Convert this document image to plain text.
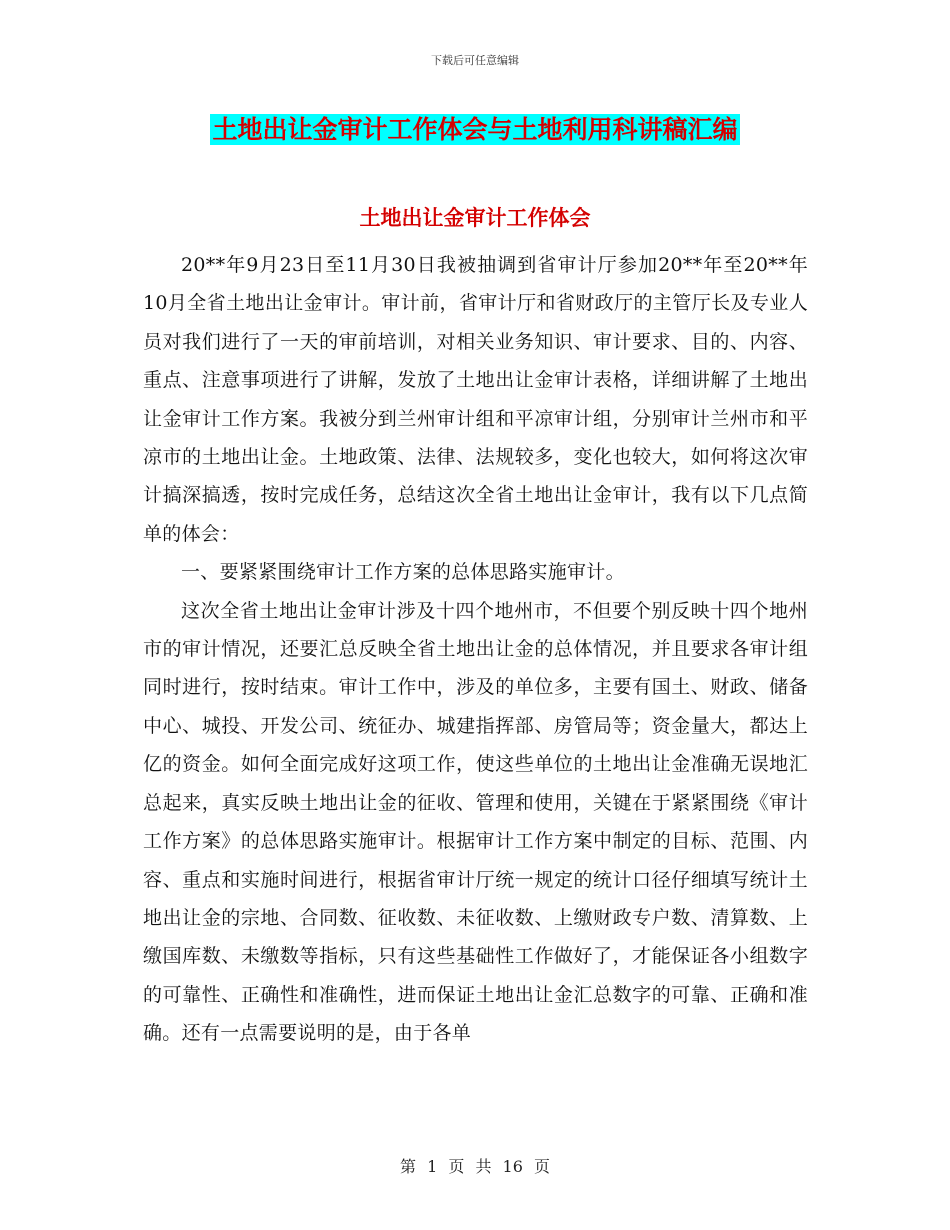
下载后可任意编辑
土地出让金审计工作体会与土地利用科讲稿汇编
土地出让金审计工作体会

20**年9月23日至11月30日我被抽调到省审计厅参加20**年至20**年10月全省土地出让金审计。审计前，省审计厅和省财政厅的主管厅长及专业人员对我们进行了一天的审前培训，对相关业务知识、审计要求、目的、内容、重点、注意事项进行了讲解，发放了土地出让金审计表格，详细讲解了土地出让金审计工作方案。我被分到兰州审计组和平凉审计组，分别审计兰州市和平凉市的土地出让金。土地政策、法律、法规较多，变化也较大，如何将这次审计搞深搞透，按时完成任务，总结这次全省土地出让金审计，我有以下几点简单的体会：

一、要紧紧围绕审计工作方案的总体思路实施审计。

这次全省土地出让金审计涉及十四个地州市，不但要个别反映十四个地州市的审计情况，还要汇总反映全省土地出让金的总体情况，并且要求各审计组同时进行，按时结束。审计工作中，涉及的单位多，主要有国土、财政、储备中心、城投、开发公司、统征办、城建指挥部、房管局等；资金量大，都达上亿的资金。如何全面完成好这项工作，使这些单位的土地出让金准确无误地汇总起来，真实反映土地出让金的征收、管理和使用，关键在于紧紧围绕《审计工作方案》的总体思路实施审计。根据审计工作方案中制定的目标、范围、内容、重点和实施时间进行，根据省审计厅统一规定的统计口径仔细填写统计土地出让金的宗地、合同数、征收数、未征收数、上缴财政专户数、清算数、上缴国库数、未缴数等指标，只有这些基础性工作做好了，才能保证各小组数字的可靠性、正确性和准确性，进而保证土地出让金汇总数字的可靠、正确和准确。还有一点需要说明的是，由于各单

第 1 页 共 16 页
